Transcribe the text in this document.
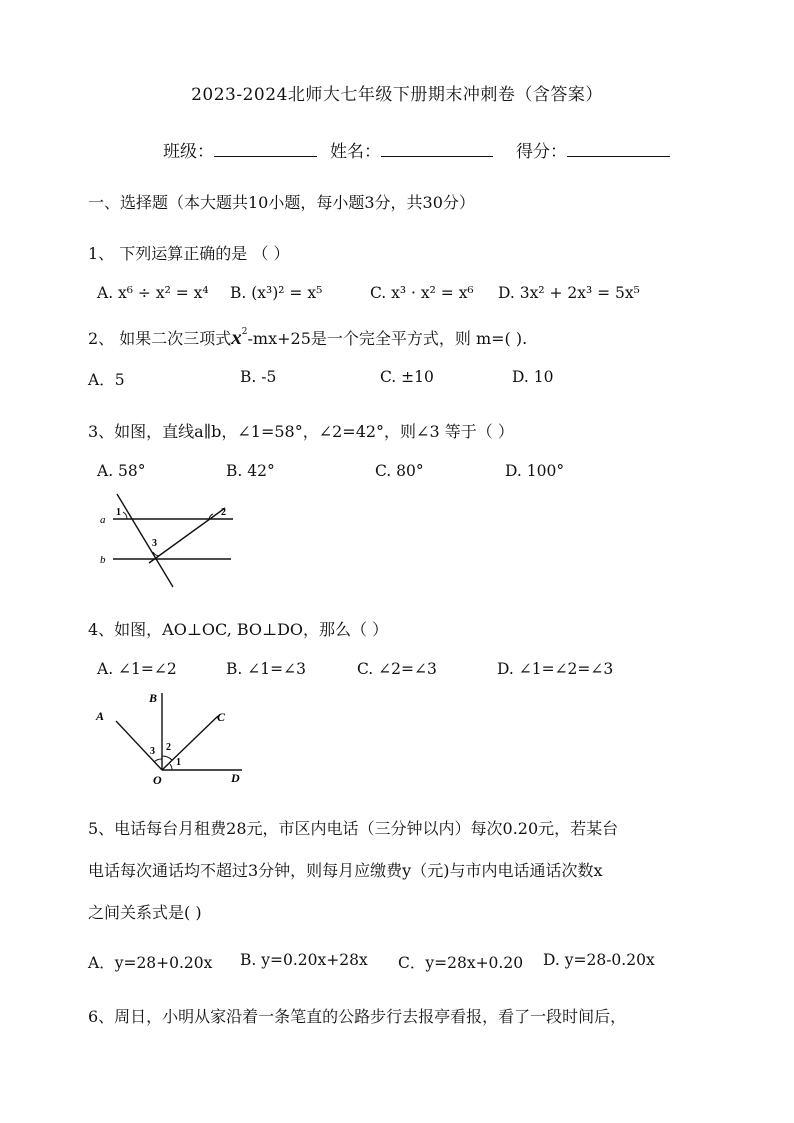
2023-2024北师大七年级下册期末冲刺卷（含答案）
班级：	姓名：	得分：
一、选择题（本大题共10小题，每小题3分，共30分）
1、 下列运算正确的是 （ ）
A. x⁶ ÷ x² = x⁴ B. (x³)² = x⁵	C. x³ · x² = x⁶ D. 3x² + 2x³ = 5x⁵
2、 如果二次三项式$x^2-mx+25$是一个完全平方式，则 m=( ).
A．5	B. -5	C. ±10	D. 10
3、如图，直线a∥b，∠1=58°，∠2=42°，则∠3 等于（ ）
A. 58°	B. 42°	C. 80°	D. 100°
a
b
1	2
3
4、如图，AO⊥OC, BO⊥DO，那么（ ）
A. ∠1=∠2	B. ∠1=∠3	C. ∠2=∠3	D. ∠1=∠2=∠3
A
B
C
D
O
3 2
1
5、电话每台月租费28元，市区内电话（三分钟以内）每次0.20元，若某台
电话每次通话均不超过3分钟，则每月应缴费y（元)与市内电话通话次数x
之间关系式是( )
A．y=28+0.20x B. y=0.20x+28x C．y=28x+0.20 D. y=28-0.20x
6、周日，小明从家沿着一条笔直的公路步行去报亭看报，看了一段时间后，
